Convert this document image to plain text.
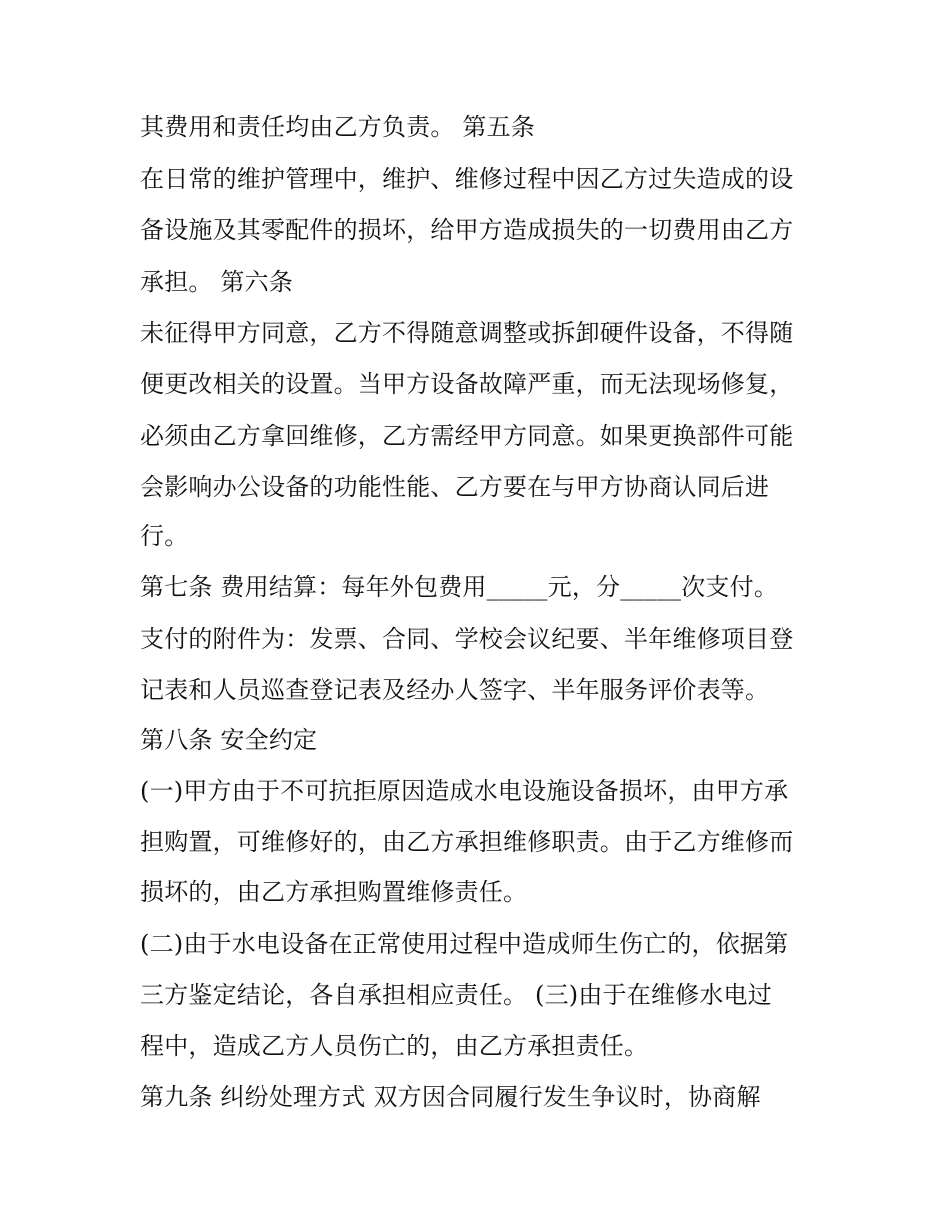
其费用和责任均由乙方负责。 第五条
在日常的维护管理中，维护、维修过程中因乙方过失造成的设
备设施及其零配件的损坏，给甲方造成损失的一切费用由乙方
承担。 第六条
未征得甲方同意，乙方不得随意调整或拆卸硬件设备，不得随
便更改相关的设置。当甲方设备故障严重，而无法现场修复，
必须由乙方拿回维修，乙方需经甲方同意。如果更换部件可能
会影响办公设备的功能性能、乙方要在与甲方协商认同后进
行。
第七条 费用结算：每年外包费用_____元，分_____次支付。
支付的附件为：发票、合同、学校会议纪要、半年维修项目登
记表和人员巡查登记表及经办人签字、半年服务评价表等。
第八条 安全约定
(一)甲方由于不可抗拒原因造成水电设施设备损坏，由甲方承
担购置，可维修好的，由乙方承担维修职责。由于乙方维修而
损坏的，由乙方承担购置维修责任。
(二)由于水电设备在正常使用过程中造成师生伤亡的，依据第
三方鉴定结论，各自承担相应责任。 (三)由于在维修水电过
程中，造成乙方人员伤亡的，由乙方承担责任。
第九条 纠纷处理方式 双方因合同履行发生争议时，协商解
